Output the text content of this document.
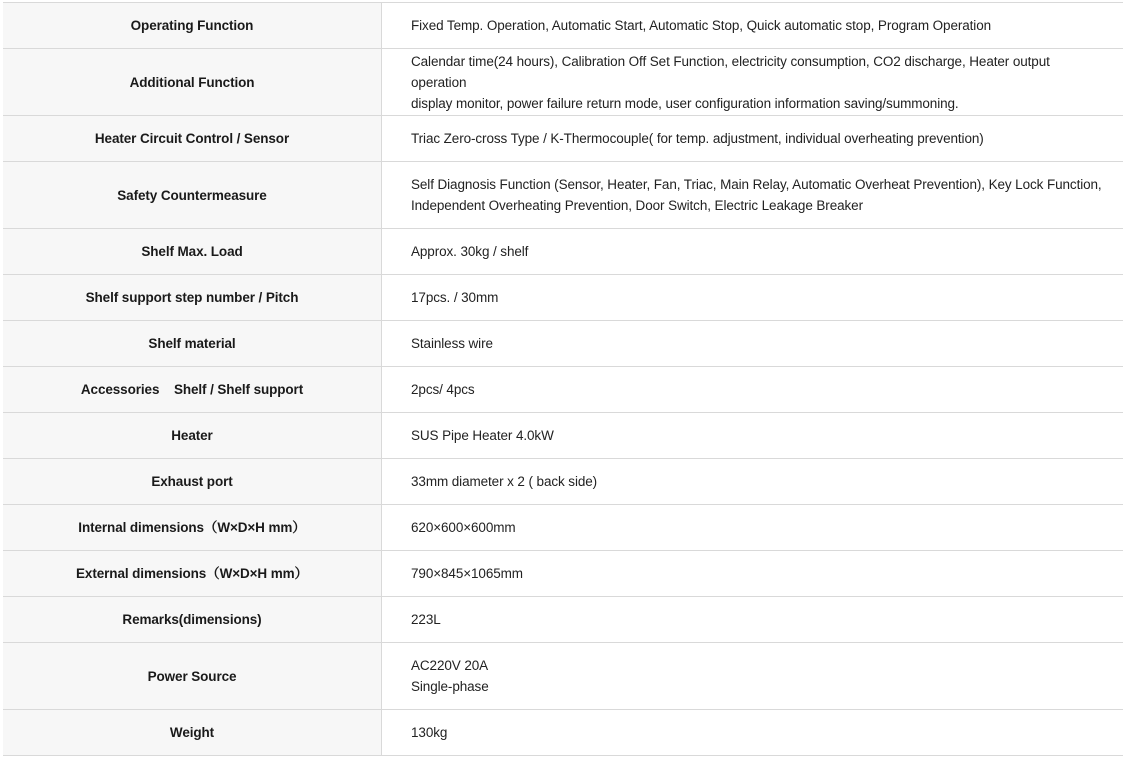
Operating Function	Fixed Temp. Operation, Automatic Start, Automatic Stop, Quick automatic stop, Program Operation

Additional Function	Calendar time(24 hours), Calibration Off Set Function, electricity consumption, CO2 discharge, Heater output operation
display monitor, power failure return mode, user configuration information saving/summoning.

Heater Circuit Control / Sensor	Triac Zero-cross Type / K-Thermocouple( for temp. adjustment, individual overheating prevention)

Safety Countermeasure	Self Diagnosis Function (Sensor, Heater, Fan, Triac, Main Relay, Automatic Overheat Prevention), Key Lock Function,
Independent Overheating Prevention, Door Switch, Electric Leakage Breaker

Shelf Max. Load	Approx. 30kg / shelf

Shelf support step number / Pitch	17pcs. / 30mm

Shelf material	Stainless wire

Accessories    Shelf / Shelf support	2pcs/ 4pcs

Heater	SUS Pipe Heater 4.0kW

Exhaust port	33mm diameter x 2 ( back side)

Internal dimensions（W×D×H mm）	620×600×600mm

External dimensions（W×D×H mm）	790×845×1065mm

Remarks(dimensions)	223L

Power Source	AC220V 20A
Single-phase

Weight	130kg
